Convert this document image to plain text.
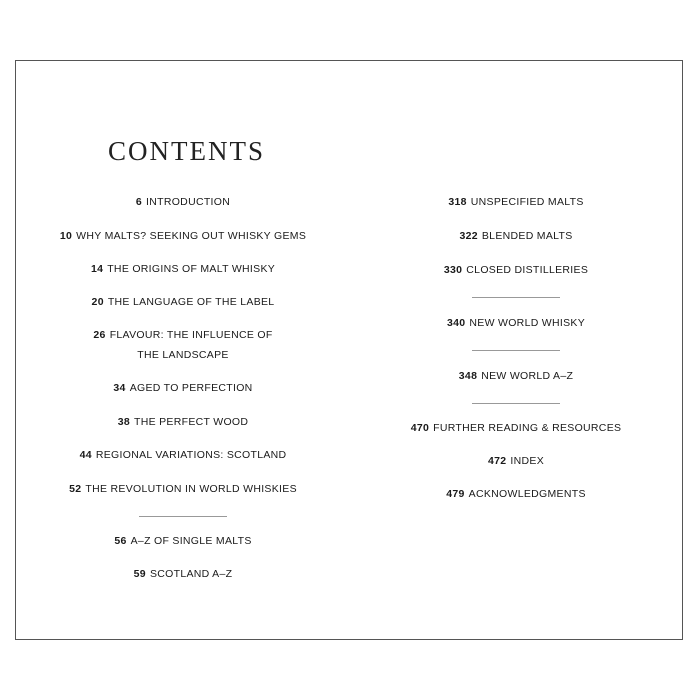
CONTENTS
6 INTRODUCTION
10 WHY MALTS? SEEKING OUT WHISKY GEMS
14 THE ORIGINS OF MALT WHISKY
20 THE LANGUAGE OF THE LABEL
26 FLAVOUR: THE INFLUENCE OF
THE LANDSCAPE
34 AGED TO PERFECTION
38 THE PERFECT WOOD
44 REGIONAL VARIATIONS: SCOTLAND
52 THE REVOLUTION IN WORLD WHISKIES
56 A–Z OF SINGLE MALTS
59 SCOTLAND A–Z
318 UNSPECIFIED MALTS
322 BLENDED MALTS
330 CLOSED DISTILLERIES
340 NEW WORLD WHISKY
348 NEW WORLD A–Z
470 FURTHER READING & RESOURCES
472 INDEX
479 ACKNOWLEDGMENTS
